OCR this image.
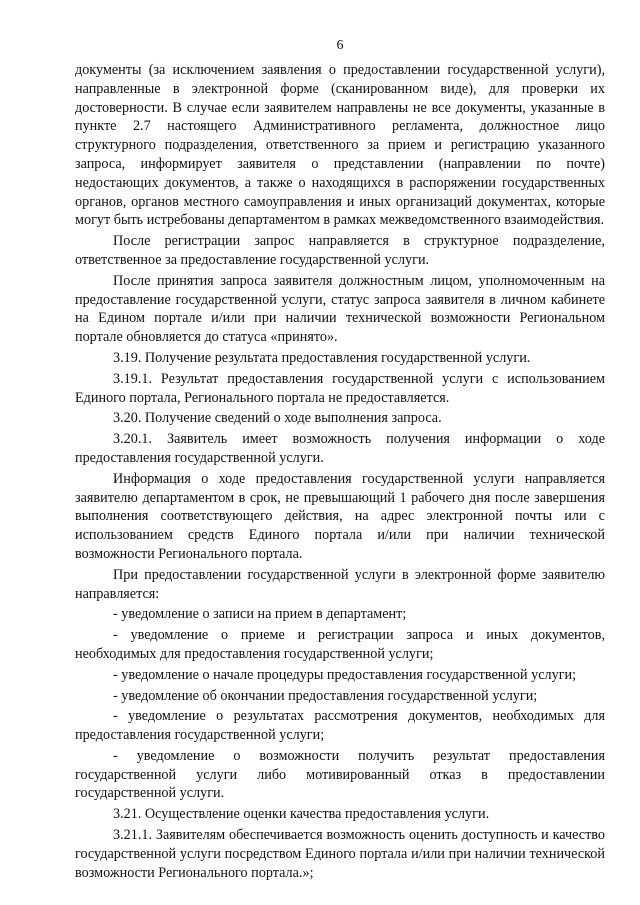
6

документы (за исключением заявления о предоставлении государственной услуги), направленные в электронной форме (сканированном виде), для проверки их достоверности. В случае если заявителем направлены не все документы, указанные в пункте 2.7 настоящего Административного регламента, должностное лицо структурного подразделения, ответственного за прием и регистрацию указанного запроса, информирует заявителя о представлении (направлении по почте) недостающих документов, а также о находящихся в распоряжении государственных органов, органов местного самоуправления и иных организаций документах, которые могут быть истребованы департаментом в рамках межведомственного взаимодействия.

После регистрации запрос направляется в структурное подразделение, ответственное за предоставление государственной услуги.

После принятия запроса заявителя должностным лицом, уполномоченным на предоставление государственной услуги, статус запроса заявителя в личном кабинете на Едином портале и/или при наличии технической возможности Региональном портале обновляется до статуса «принято».

3.19. Получение результата предоставления государственной услуги.

3.19.1. Результат предоставления государственной услуги с использованием Единого портала, Регионального портала не предоставляется.

3.20. Получение сведений о ходе выполнения запроса.

3.20.1. Заявитель имеет возможность получения информации о ходе предоставления государственной услуги.

Информация о ходе предоставления государственной услуги направляется заявителю департаментом в срок, не превышающий 1 рабочего дня после завершения выполнения соответствующего действия, на адрес электронной почты или с использованием средств Единого портала и/или при наличии технической возможности Регионального портала.

При предоставлении государственной услуги в электронной форме заявителю направляется:

- уведомление о записи на прием в департамент;

- уведомление о приеме и регистрации запроса и иных документов, необходимых для предоставления государственной услуги;

- уведомление о начале процедуры предоставления государственной услуги;

- уведомление об окончании предоставления государственной услуги;

- уведомление о результатах рассмотрения документов, необходимых для предоставления государственной услуги;

- уведомление о возможности получить результат предоставления государственной услуги либо мотивированный отказ в предоставлении государственной услуги.

3.21. Осуществление оценки качества предоставления услуги.

3.21.1. Заявителям обеспечивается возможность оценить доступность и качество государственной услуги посредством Единого портала и/или при наличии технической возможности Регионального портала.»;
